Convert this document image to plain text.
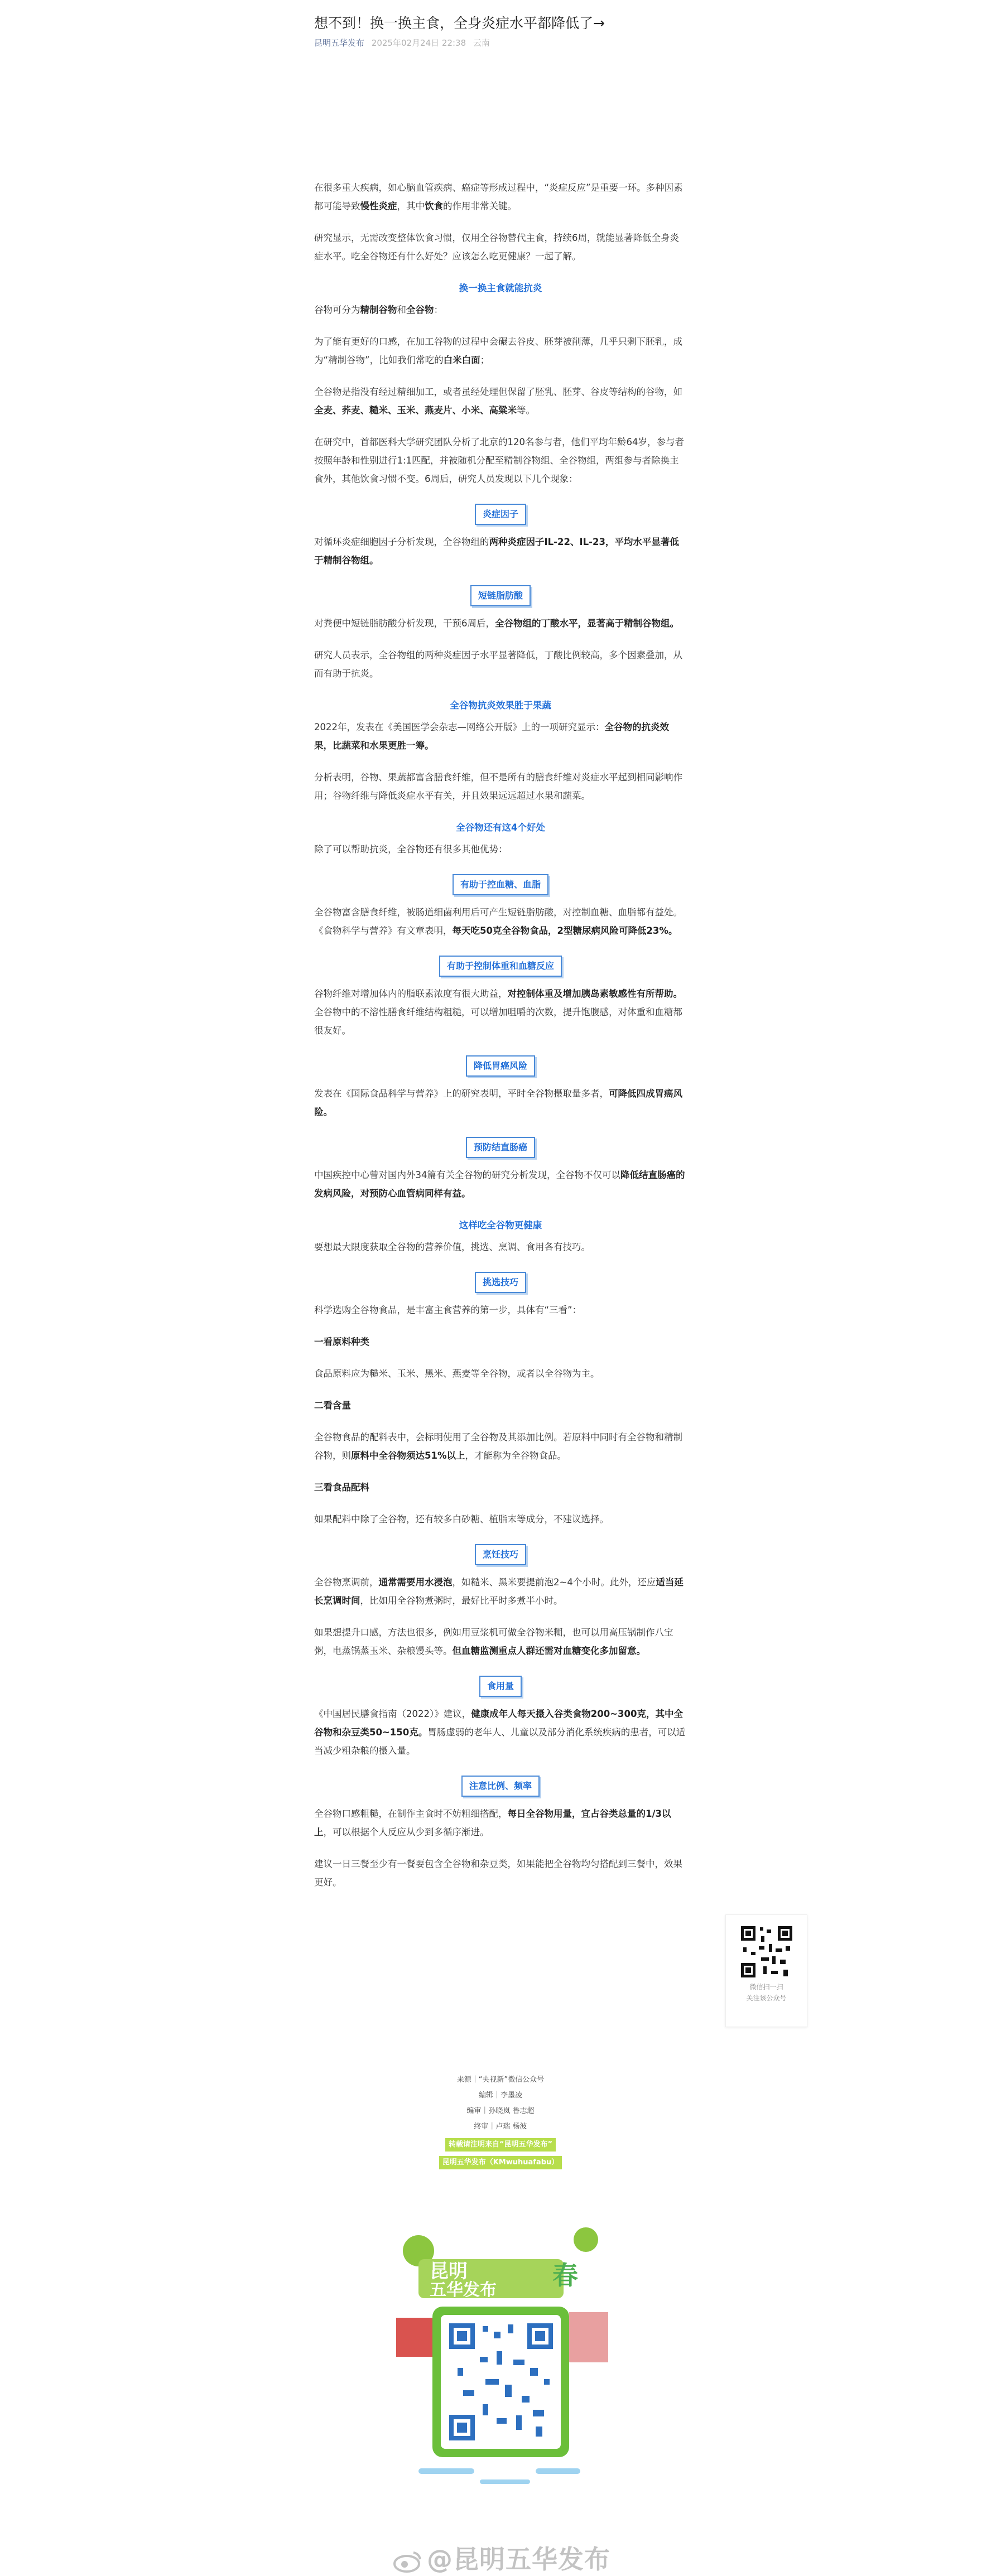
想不到！换一换主食，全身炎症水平都降低了→
昆明五华发布 2025年02月24日 22:38 云南

在很多重大疾病，如心脑血管疾病、癌症等形成过程中，“炎症反应”是重要一环。多种因素都可能导致慢性炎症，其中饮食的作用非常关键。

研究显示，无需改变整体饮食习惯，仅用全谷物替代主食，持续6周，就能显著降低全身炎症水平。吃全谷物还有什么好处？应该怎么吃更健康？一起了解。

换一换主食就能抗炎

谷物可分为精制谷物和全谷物：

为了能有更好的口感，在加工谷物的过程中会碾去谷皮、胚芽被削薄，几乎只剩下胚乳，成为“精制谷物”，比如我们常吃的白米白面；

全谷物是指没有经过精细加工，或者虽经处理但保留了胚乳、胚芽、谷皮等结构的谷物，如全麦、荞麦、糙米、玉米、燕麦片、小米、高粱米等。

在研究中，首都医科大学研究团队分析了北京的120名参与者，他们平均年龄64岁，参与者按照年龄和性别进行1:1匹配，并被随机分配至精制谷物组、全谷物组，两组参与者除换主食外，其他饮食习惯不变。6周后，研究人员发现以下几个现象：

炎症因子

对循环炎症细胞因子分析发现，全谷物组的两种炎症因子IL-22、IL-23，平均水平显著低于精制谷物组。

短链脂肪酸

对粪便中短链脂肪酸分析发现，干预6周后，全谷物组的丁酸水平，显著高于精制谷物组。

研究人员表示，全谷物组的两种炎症因子水平显著降低，丁酸比例较高，多个因素叠加，从而有助于抗炎。

全谷物抗炎效果胜于果蔬

2022年，发表在《美国医学会杂志—网络公开版》上的一项研究显示：全谷物的抗炎效果，比蔬菜和水果更胜一筹。

分析表明，谷物、果蔬都富含膳食纤维，但不是所有的膳食纤维对炎症水平起到相同影响作用；谷物纤维与降低炎症水平有关，并且效果远远超过水果和蔬菜。

全谷物还有这4个好处

除了可以帮助抗炎，全谷物还有很多其他优势：

有助于控血糖、血脂

全谷物富含膳食纤维，被肠道细菌利用后可产生短链脂肪酸，对控制血糖、血脂都有益处。《食物科学与营养》有文章表明，每天吃50克全谷物食品，2型糖尿病风险可降低23%。

有助于控制体重和血糖反应

谷物纤维对增加体内的脂联素浓度有很大助益，对控制体重及增加胰岛素敏感性有所帮助。全谷物中的不溶性膳食纤维结构粗糙，可以增加咀嚼的次数，提升饱腹感，对体重和血糖都很友好。

降低胃癌风险

发表在《国际食品科学与营养》上的研究表明，平时全谷物摄取量多者，可降低四成胃癌风险。

预防结直肠癌

中国疾控中心曾对国内外34篇有关全谷物的研究分析发现，全谷物不仅可以降低结直肠癌的发病风险，对预防心血管病同样有益。

这样吃全谷物更健康

要想最大限度获取全谷物的营养价值，挑选、烹调、食用各有技巧。

挑选技巧

科学选购全谷物食品，是丰富主食营养的第一步，具体有“三看”：

一看原料种类

食品原料应为糙米、玉米、黑米、燕麦等全谷物，或者以全谷物为主。

二看含量

全谷物食品的配料表中，会标明使用了全谷物及其添加比例。若原料中同时有全谷物和精制谷物，则原料中全谷物须达51%以上，才能称为全谷物食品。

三看食品配料

如果配料中除了全谷物，还有较多白砂糖、植脂末等成分，不建议选择。

烹饪技巧

全谷物烹调前，通常需要用水浸泡，如糙米、黑米要提前泡2~4个小时。此外，还应适当延长烹调时间，比如用全谷物煮粥时，最好比平时多煮半小时。

如果想提升口感，方法也很多，例如用豆浆机可做全谷物米糊，也可以用高压锅制作八宝粥，电蒸锅蒸玉米、杂粮馒头等。但血糖监测重点人群还需对血糖变化多加留意。

食用量

《中国居民膳食指南（2022）》建议，健康成年人每天摄入谷类食物200~300克，其中全谷物和杂豆类50~150克。胃肠虚弱的老年人、儿童以及部分消化系统疾病的患者，可以适当减少粗杂粮的摄入量。

注意比例、频率

全谷物口感粗糙，在制作主食时不妨粗细搭配，每日全谷物用量，宜占谷类总量的1/3以上，可以根据个人反应从少到多循序渐进。

建议一日三餐至少有一餐要包含全谷物和杂豆类，如果能把全谷物均匀搭配到三餐中，效果更好。

来源｜“央视新”微信公众号

编辑｜李墨凌

编审｜孙晓岚 鲁志超

终审｜卢瑞 杨波

转载请注明来自“昆明五华发布”
昆明五华发布（KMwuhuafabu）
昆明
五华发布
春
微信扫一扫
关注该公众号
@昆明五华发布
